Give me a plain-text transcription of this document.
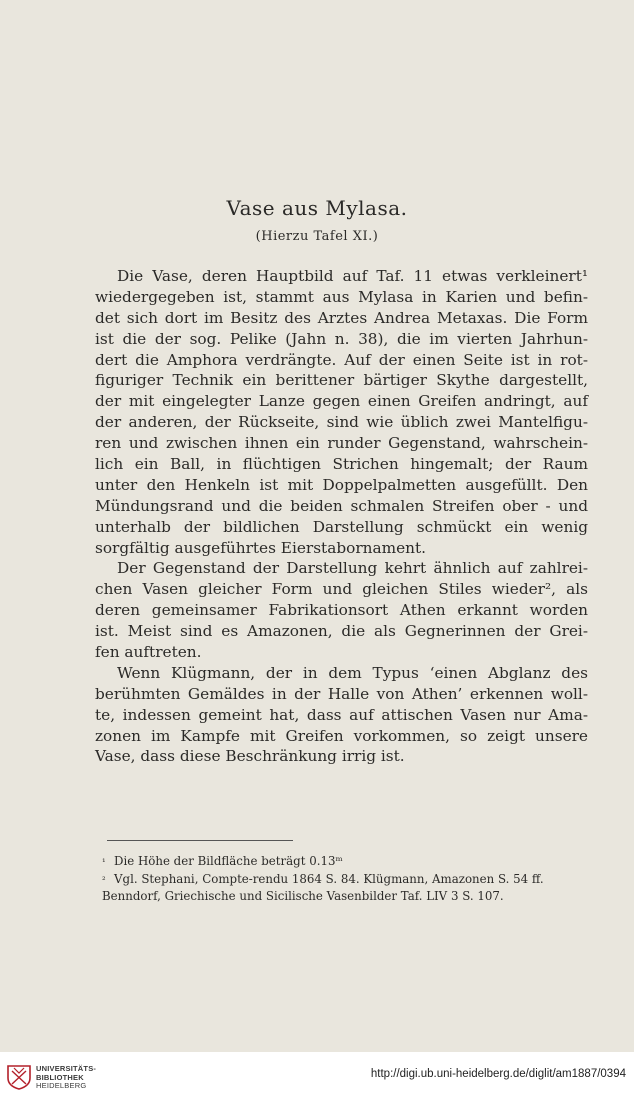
Vase aus Mylasa.
(Hierzu Tafel XI.)
Die Vase, deren Hauptbild auf Taf. 11 etwas verkleinert¹
wiedergegeben ist, stammt aus Mylasa in Karien und befin-
det sich dort im Besitz des Arztes Andrea Metaxas. Die Form
ist die der sog. Pelike (Jahn n. 38), die im vierten Jahrhun-
dert die Amphora verdrängte. Auf der einen Seite ist in rot-
figuriger Technik ein berittener bärtiger Skythe dargestellt,
der mit eingelegter Lanze gegen einen Greifen andringt, auf
der anderen, der Rückseite, sind wie üblich zwei Mantelfigu-
ren und zwischen ihnen ein runder Gegenstand, wahrschein-
lich ein Ball, in flüchtigen Strichen hingemalt; der Raum
unter den Henkeln ist mit Doppelpalmetten ausgefüllt. Den
Mündungsrand und die beiden schmalen Streifen ober - und
unterhalb der bildlichen Darstellung schmückt ein wenig
sorgfältig ausgeführtes Eierstabornament.
Der Gegenstand der Darstellung kehrt ähnlich auf zahlrei-
chen Vasen gleicher Form und gleichen Stiles wieder², als
deren gemeinsamer Fabrikationsort Athen erkannt worden
ist. Meist sind es Amazonen, die als Gegnerinnen der Grei-
fen auftreten.
Wenn Klügmann, der in dem Typus ‘einen Abglanz des
berühmten Gemäldes in der Halle von Athen’ erkennen woll-
te, indessen gemeint hat, dass auf attischen Vasen nur Ama-
zonen im Kampfe mit Greifen vorkommen, so zeigt unsere
Vase, dass diese Beschränkung irrig ist.
¹ Die Höhe der Bildfläche beträgt 0.13ᵐ
² Vgl. Stephani, Compte-rendu 1864 S. 84. Klügmann, Amazonen S. 54 ff.
Benndorf, Griechische und Sicilische Vasenbilder Taf. LIV 3 S. 107.
UNIVERSITÄTS-
BIBLIOTHEK
HEIDELBERG
http://digi.ub.uni-heidelberg.de/diglit/am1887/0394
